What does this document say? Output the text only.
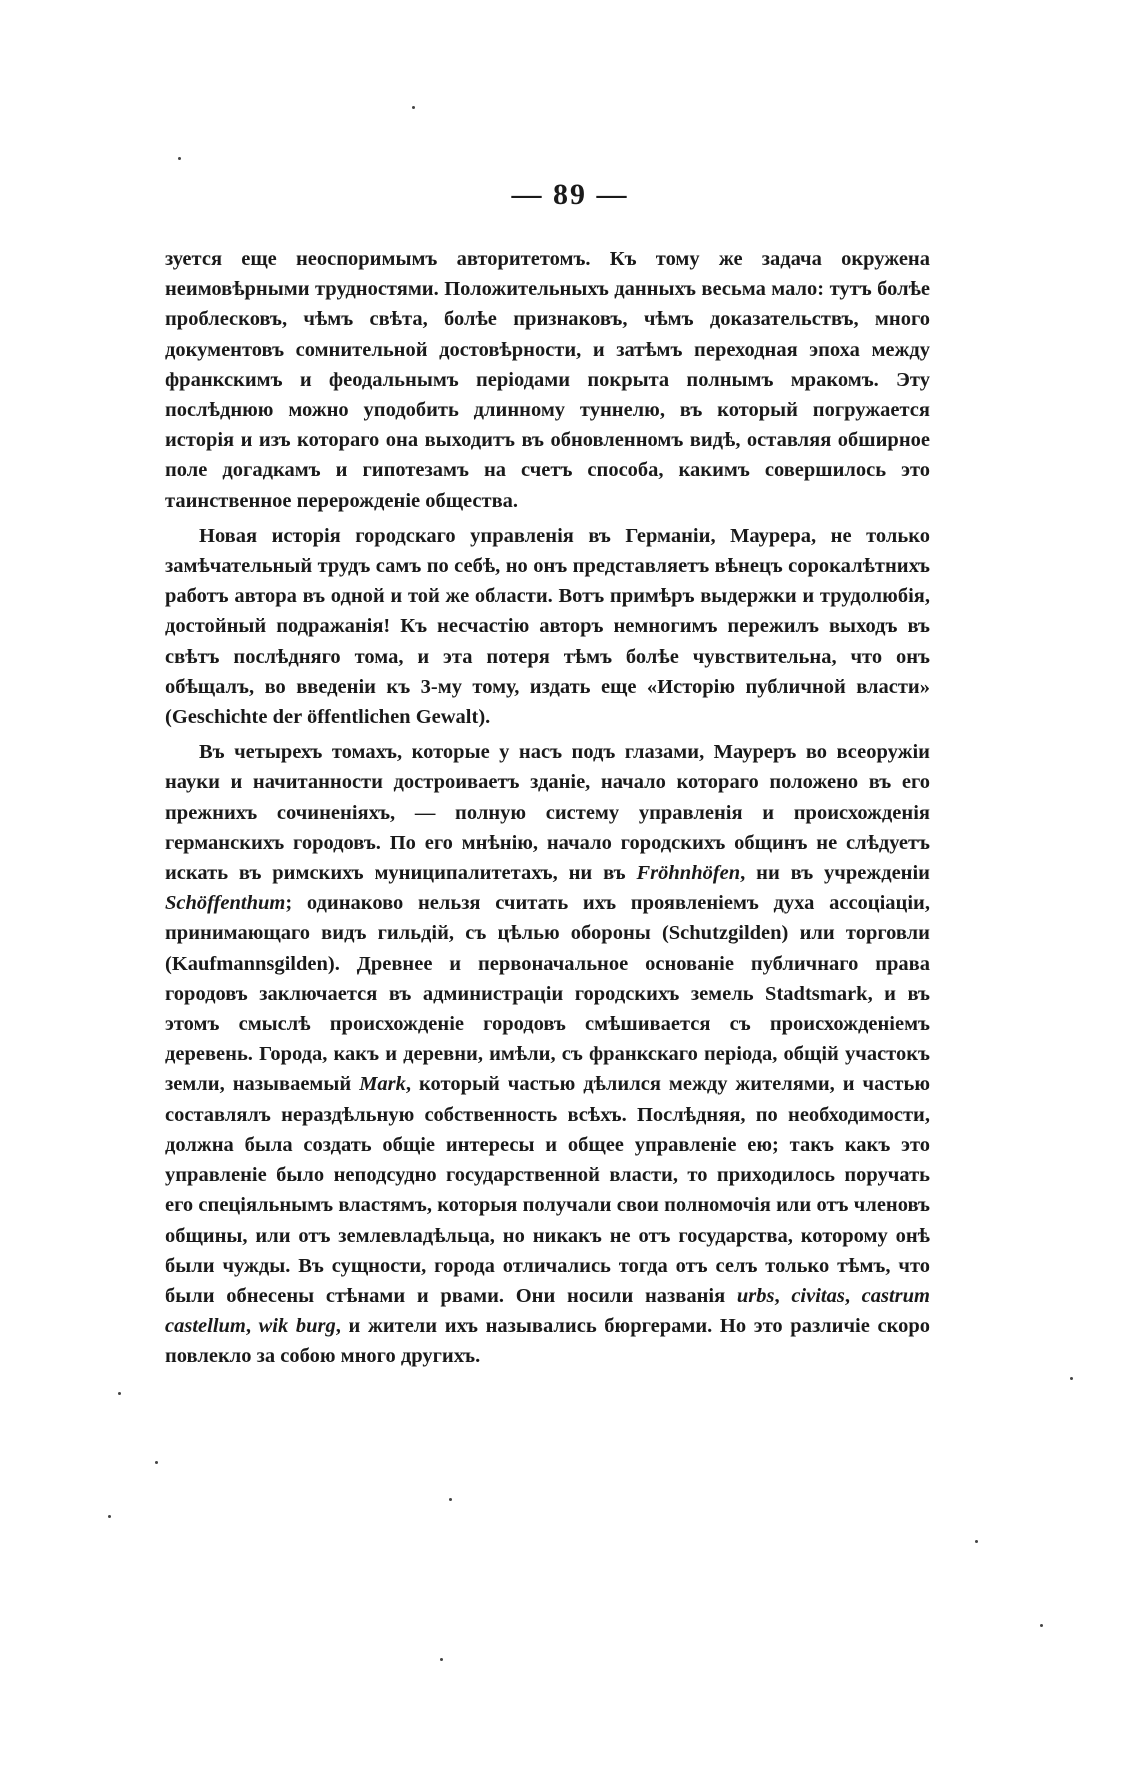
— 89 —

зуется еще неоспоримымъ авторитетомъ. Къ тому же задача окружена неимовѣрными трудностями. Положительныхъ данныхъ весьма мало: тутъ болѣе проблесковъ, чѣмъ свѣта, болѣе признаковъ, чѣмъ доказательствъ, много документовъ сомнительной достовѣрности, и затѣмъ переходная эпоха между франкскимъ и феодальнымъ періодами покрыта полнымъ мракомъ. Эту послѣднюю можно уподобить длинному туннелю, въ который погружается исторія и изъ котораго она выходитъ въ обновленномъ видѣ, оставляя обширное поле догадкамъ и гипотезамъ на счетъ способа, какимъ совершилось это таинственное перерожденіе общества.

Новая исторія городскаго управленія въ Германіи, Маурера, не только замѣчательный трудъ самъ по себѣ, но онъ представляетъ вѣнецъ сорокалѣтнихъ работъ автора въ одной и той же области. Вотъ примѣръ выдержки и трудолюбія, достойный подражанія! Къ несчастію авторъ немногимъ пережилъ выходъ въ свѣтъ послѣдняго тома, и эта потеря тѣмъ болѣе чувствительна, что онъ обѣщалъ, во введеніи къ 3-му тому, издать еще «Исторію публичной власти» (Geschichte der öffentlichen Gewalt).

Въ четырехъ томахъ, которые у насъ подъ глазами, Мауреръ во всеоружіи науки и начитанности достроиваетъ зданіе, начало котораго положено въ его прежнихъ сочиненіяхъ, — полную систему управленія и происхожденія германскихъ городовъ. По его мнѣнію, начало городскихъ общинъ не слѣдуетъ искать въ римскихъ муниципалитетахъ, ни въ Fröhnhöfen, ни въ учрежденіи Schöffenthum; одинаково нельзя считать ихъ проявленіемъ духа ассоціаціи, принимающаго видъ гильдій, съ цѣлью обороны (Schutzgilden) или торговли (Kaufmannsgilden). Древнее и первоначальное основаніе публичнаго права городовъ заключается въ администраціи городскихъ земель Stadtsmark, и въ этомъ смыслѣ происхожденіе городовъ смѣшивается съ происхожденіемъ деревень. Города, какъ и деревни, имѣли, съ франкскаго періода, общій участокъ земли, называемый Mark, который частью дѣлился между жителями, и частью составлялъ нераздѣльную собственность всѣхъ. Послѣдняя, по необходимости, должна была создать общіе интересы и общее управленіе ею; такъ какъ это управленіе было неподсудно государственной власти, то приходилось поручать его спеціяльнымъ властямъ, которыя получали свои полномочія или отъ членовъ общины, или отъ землевладѣльца, но никакъ не отъ государства, которому онѣ были чужды. Въ сущности, города отличались тогда отъ селъ только тѣмъ, что были обнесены стѣнами и рвами. Они носили названія urbs, civitas, castrum castellum, wik burg, и жители ихъ назывались бюргерами. Но это различіе скоро повлекло за собою много другихъ.
